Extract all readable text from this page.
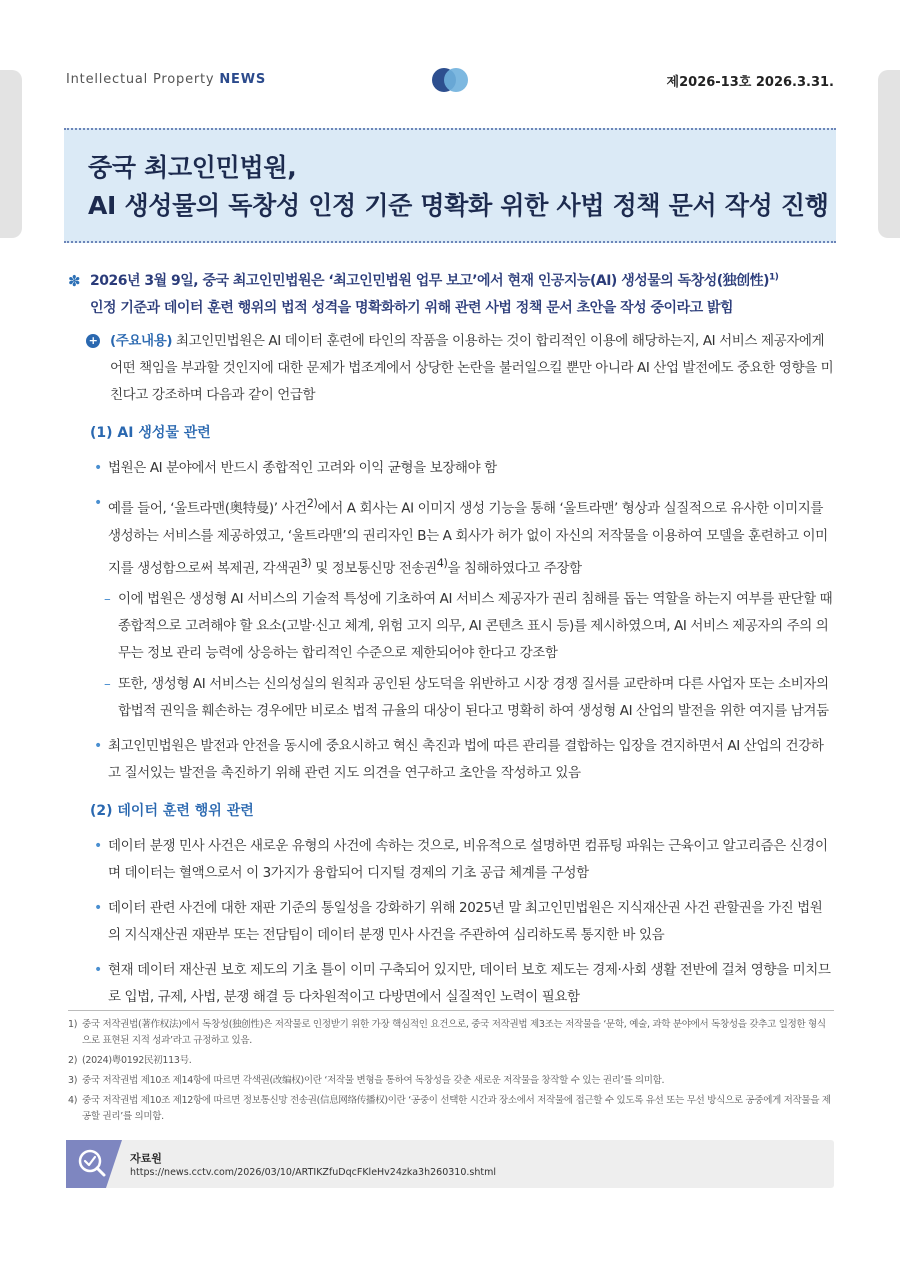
Intellectual Property NEWS	제2026-13호 2026.3.31.
중국 최고인민법원,
AI 생성물의 독창성 인정 기준 명확화 위한 사법 정책 문서 작성 진행
✽ 2026년 3월 9일, 중국 최고인민법원은 ‘최고인민법원 업무 보고’에서 현재 인공지능(AI) 생성물의 독창성(独创性)$^{1)}$
인정 기준과 데이터 훈련 행위의 법적 성격을 명확화하기 위해 관련 사법 정책 문서 초안을 작성 중이라고 밝힘
+ (주요내용) 최고인민법원은 AI 데이터 훈련에 타인의 작품을 이용하는 것이 합리적인 이용에 해당하는지, AI 서비스 제공자에게 어떤 책임을 부과할 것인지에 대한 문제가 법조계에서 상당한 논란을 불러일으킬 뿐만 아니라 AI 산업 발전에도 중요한 영향을 미친다고 강조하며 다음과 같이 언급함
(1) AI 생성물 관련
• 법원은 AI 분야에서 반드시 종합적인 고려와 이익 균형을 보장해야 함
• 예를 들어, ‘울트라맨(奥特曼)’ 사건$^{2)}$에서 A 회사는 AI 이미지 생성 기능을 통해 ‘울트라맨’ 형상과 실질적으로 유사한 이미지를 생성하는 서비스를 제공하였고, ‘울트라맨’의 권리자인 B는 A 회사가 허가 없이 자신의 저작물을 이용하여 모델을 훈련하고 이미지를 생성함으로써 복제권, 각색권$^{3)}$ 및 정보통신망 전송권$^{4)}$을 침해하였다고 주장함
– 이에 법원은 생성형 AI 서비스의 기술적 특성에 기초하여 AI 서비스 제공자가 권리 침해를 돕는 역할을 하는지 여부를 판단할 때 종합적으로 고려해야 할 요소(고발·신고 체계, 위험 고지 의무, AI 콘텐츠 표시 등)를 제시하였으며, AI 서비스 제공자의 주의 의무는 정보 관리 능력에 상응하는 합리적인 수준으로 제한되어야 한다고 강조함
– 또한, 생성형 AI 서비스는 신의성실의 원칙과 공인된 상도덕을 위반하고 시장 경쟁 질서를 교란하며 다른 사업자 또는 소비자의 합법적 권익을 훼손하는 경우에만 비로소 법적 규율의 대상이 된다고 명확히 하여 생성형 AI 산업의 발전을 위한 여지를 남겨둠
• 최고인민법원은 발전과 안전을 동시에 중요시하고 혁신 촉진과 법에 따른 관리를 결합하는 입장을 견지하면서 AI 산업의 건강하고 질서있는 발전을 촉진하기 위해 관련 지도 의견을 연구하고 초안을 작성하고 있음
(2) 데이터 훈련 행위 관련
• 데이터 분쟁 민사 사건은 새로운 유형의 사건에 속하는 것으로, 비유적으로 설명하면 컴퓨팅 파워는 근육이고 알고리즘은 신경이며 데이터는 혈액으로서 이 3가지가 융합되어 디지털 경제의 기초 공급 체계를 구성함
• 데이터 관련 사건에 대한 재판 기준의 통일성을 강화하기 위해 2025년 말 최고인민법원은 지식재산권 사건 관할권을 가진 법원의 지식재산권 재판부 또는 전담팀이 데이터 분쟁 민사 사건을 주관하여 심리하도록 통지한 바 있음
• 현재 데이터 재산권 보호 제도의 기초 틀이 이미 구축되어 있지만, 데이터 보호 제도는 경제·사회 생활 전반에 걸쳐 영향을 미치므로 입법, 규제, 사법, 분쟁 해결 등 다차원적이고 다방면에서 실질적인 노력이 필요함
1) 중국 저작권법(著作权法)에서 독창성(独创性)은 저작물로 인정받기 위한 가장 핵심적인 요건으로, 중국 저작권법 제3조는 저작물을 ‘문학, 예술, 과학 분야에서 독창성을 갖추고 일정한 형식으로 표현된 지적 성과’라고 규정하고 있음.
2) (2024)粤0192民初113号.
3) 중국 저작권법 제10조 제14항에 따르면 각색권(改编权)이란 ‘저작물 변형을 통하여 독창성을 갖춘 새로운 저작물을 창작할 수 있는 권리’를 의미함.
4) 중국 저작권법 제10조 제12항에 따르면 정보통신망 전송권(信息网络传播权)이란 ‘공중이 선택한 시간과 장소에서 저작물에 접근할 수 있도록 유선 또는 무선 방식으로 공중에게 저작물을 제공할 권리’를 의미함.
자료원
https://news.cctv.com/2026/03/10/ARTIKZfuDqcFKleHv24zka3h260310.shtml
